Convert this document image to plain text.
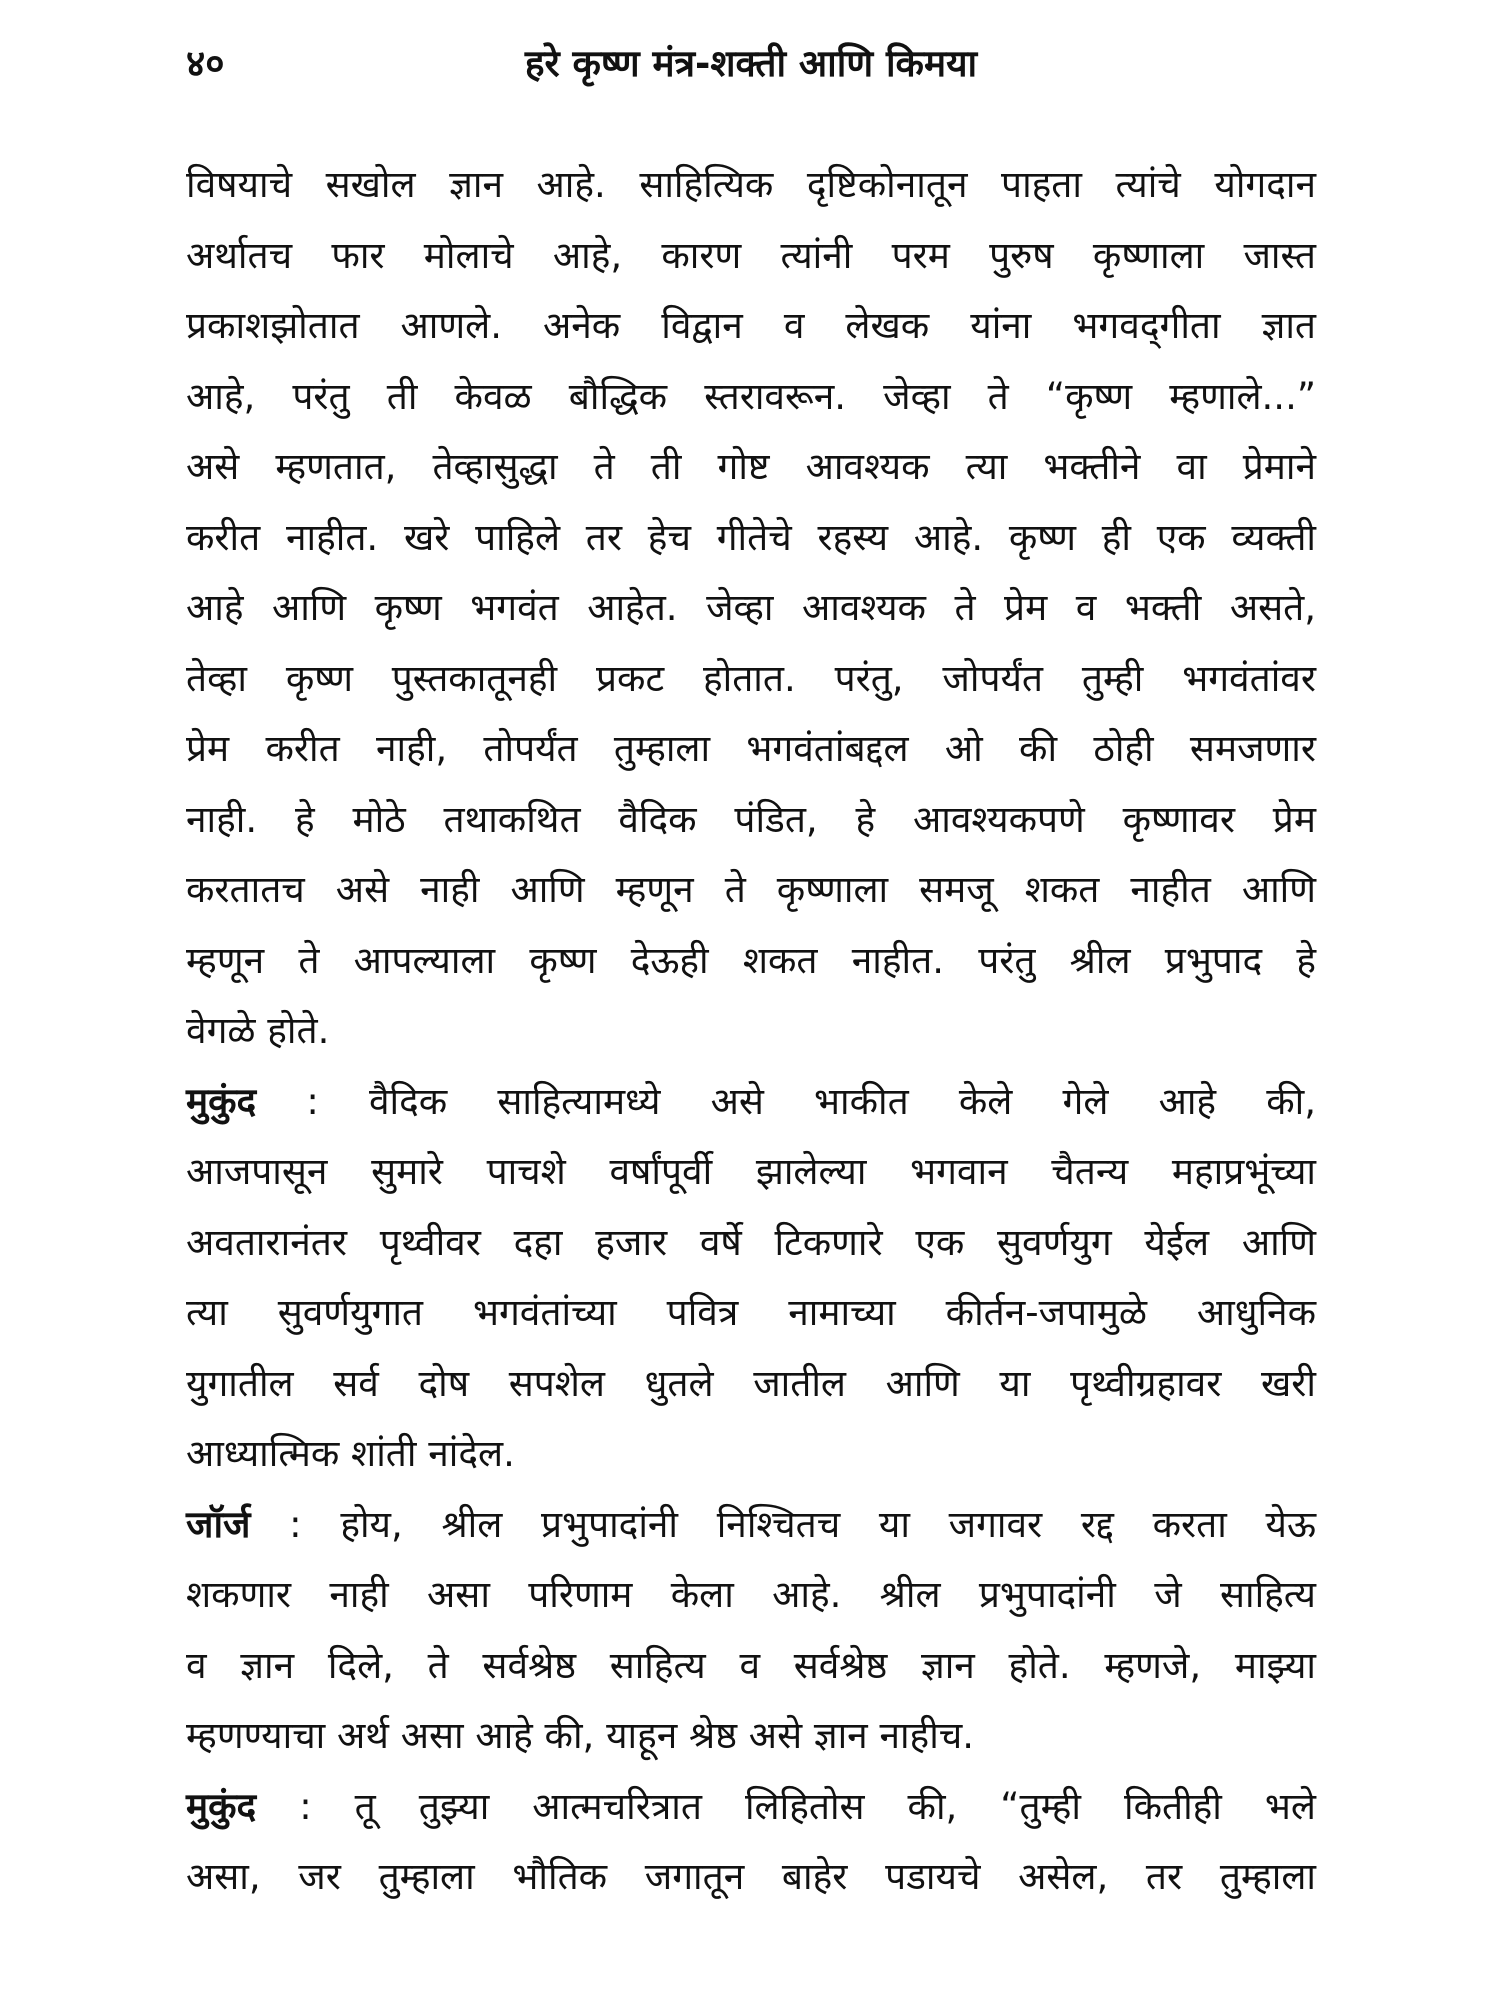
४०	हरे कृष्ण मंत्र-शक्ती आणि किमया
विषयाचे सखोल ज्ञान आहे. साहित्यिक दृष्टिकोनातून पाहता त्यांचे योगदान
अर्थातच फार मोलाचे आहे, कारण त्यांनी परम पुरुष कृष्णाला जास्त
प्रकाशझोतात आणले. अनेक विद्वान व लेखक यांना भगवद्‌गीता ज्ञात
आहे, परंतु ती केवळ बौद्धिक स्तरावरून. जेव्हा ते “कृष्ण म्हणाले...”
असे म्हणतात, तेव्हासुद्धा ते ती गोष्ट आवश्यक त्या भक्तीने वा प्रेमाने
करीत नाहीत. खरे पाहिले तर हेच गीतेचे रहस्य आहे. कृष्ण ही एक व्यक्ती
आहे आणि कृष्ण भगवंत आहेत. जेव्हा आवश्यक ते प्रेम व भक्ती असते,
तेव्हा कृष्ण पुस्तकातूनही प्रकट होतात. परंतु, जोपर्यंत तुम्ही भगवंतांवर
प्रेम करीत नाही, तोपर्यंत तुम्हाला भगवंतांबद्दल ओ की ठोही समजणार
नाही. हे मोठे तथाकथित वैदिक पंडित, हे आवश्यकपणे कृष्णावर प्रेम
करतातच असे नाही आणि म्हणून ते कृष्णाला समजू शकत नाहीत आणि
म्हणून ते आपल्याला कृष्ण देऊही शकत नाहीत. परंतु श्रील प्रभुपाद हे
वेगळे होते.
मुकुंद : वैदिक साहित्यामध्ये असे भाकीत केले गेले आहे की,
आजपासून सुमारे पाचशे वर्षांपूर्वी झालेल्या भगवान चैतन्य महाप्रभूंच्या
अवतारानंतर पृथ्वीवर दहा हजार वर्षे टिकणारे एक सुवर्णयुग येईल आणि
त्या सुवर्णयुगात भगवंतांच्या पवित्र नामाच्या कीर्तन-जपामुळे आधुनिक
युगातील सर्व दोष सपशेल धुतले जातील आणि या पृथ्वीग्रहावर खरी
आध्यात्मिक शांती नांदेल.
जॉर्ज : होय, श्रील प्रभुपादांनी निश्चितच या जगावर रद्द करता येऊ
शकणार नाही असा परिणाम केला आहे. श्रील प्रभुपादांनी जे साहित्य
व ज्ञान दिले, ते सर्वश्रेष्ठ साहित्य व सर्वश्रेष्ठ ज्ञान होते. म्हणजे, माझ्या
म्हणण्याचा अर्थ असा आहे की, याहून श्रेष्ठ असे ज्ञान नाहीच.
मुकुंद : तू तुझ्या आत्मचरित्रात लिहितोस की, “तुम्ही कितीही भले
असा, जर तुम्हाला भौतिक जगातून बाहेर पडायचे असेल, तर तुम्हाला
